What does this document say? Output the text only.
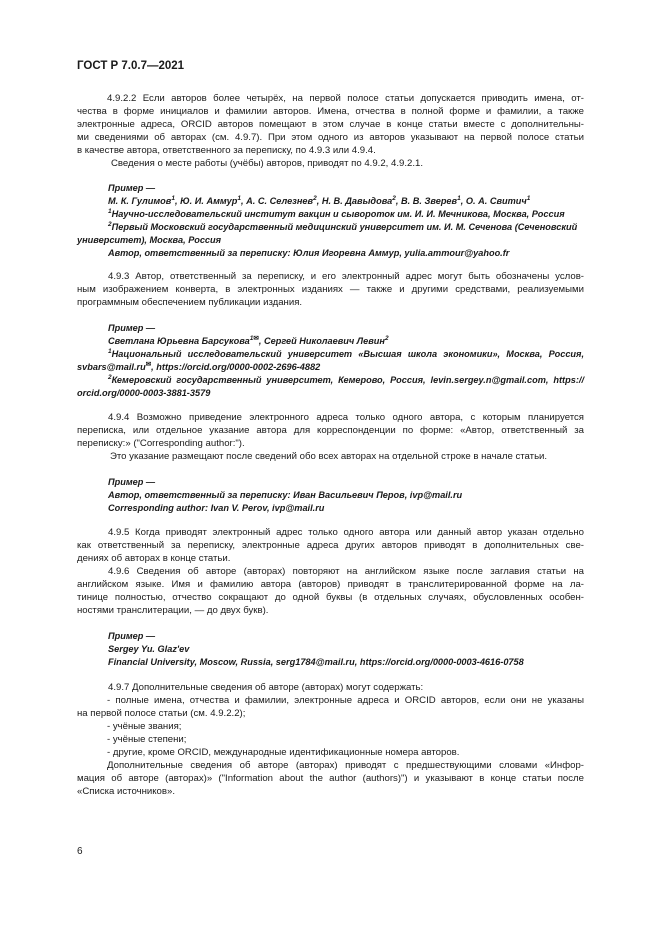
ГОСТ Р 7.0.7—2021
4.9.2.2 Если авторов более четырёх, на первой полосе статьи допускается приводить имена, от-
чества в форме инициалов и фамилии авторов. Имена, отчества в полной форме и фамилии, а также
электронные адреса, ORCID авторов помещают в этом случае в конце статьи вместе с дополнительны-
ми сведениями об авторах (см. 4.9.7). При этом одного из авторов указывают на первой полосе статьи
в качестве автора, ответственного за переписку, по 4.9.3 или 4.9.4.
Сведения о месте работы (учёбы) авторов, приводят по 4.9.2, 4.9.2.1.
Пример —
М. К. Гулимов$^1$, Ю. И. Аммур$^1$, А. С. Селезнев$^2$, Н. В. Давыдова$^2$, В. В. Зверев$^1$, О. А. Свитич$^1$
$^1$Научно-исследовательский институт вакцин и сывороток им. И. И. Мечникова, Москва, Россия
$^2$Первый Московский государственный медицинский университет им. И. М. Сеченова (Сеченовский
университет), Москва, Россия
Автор, ответственный за переписку: Юлия Игоревна Аммур, yulia.ammour@yahoo.fr
4.9.3 Автор, ответственный за переписку, и его электронный адрес могут быть обозначены услов-
ным изображением конверта, в электронных изданиях — также и другими средствами, реализуемыми
программным обеспечением публикации издания.
Пример —
Светлана Юрьевна Барсукова$^{1✉}$, Сергей Николаевич Левин$^2$
$^1$Национальный исследовательский университет «Высшая школа экономики», Москва, Россия,
svbars@mail.ru✉, https://orcid.org/0000-0002-2696-4882
$^2$Кемеровский государственный университет, Кемерово, Россия, levin.sergey.n@gmail.com, https://
orcid.org/0000-0003-3881-3579
4.9.4 Возможно приведение электронного адреса только одного автора, с которым планируется
переписка, или отдельное указание автора для корреспонденции по форме: «Автор, ответственный за
переписку:» ("Corresponding author:").
Это указание размещают после сведений обо всех авторах на отдельной строке в начале статьи.
Пример —
Автор, ответственный за переписку: Иван Васильевич Перов, ivp@mail.ru
Corresponding author: Ivan V. Perov, ivp@mail.ru
4.9.5 Когда приводят электронный адрес только одного автора или данный автор указан отдельно
как ответственный за переписку, электронные адреса других авторов приводят в дополнительных све-
дениях об авторах в конце статьи.
4.9.6 Сведения об авторе (авторах) повторяют на английском языке после заглавия статьи на
английском языке. Имя и фамилию автора (авторов) приводят в транслитерированной форме на ла-
тинице полностью, отчество сокращают до одной буквы (в отдельных случаях, обусловленных особен-
ностями транслитерации, — до двух букв).
Пример —
Sergey Yu. Glaz'ev
Financial University, Moscow, Russia, serg1784@mail.ru, https://orcid.org/0000-0003-4616-0758
4.9.7 Дополнительные сведения об авторе (авторах) могут содержать:
- полные имена, отчества и фамилии, электронные адреса и ORCID авторов, если они не указаны
на первой полосе статьи (см. 4.9.2.2);
- учёные звания;
- учёные степени;
- другие, кроме ORCID, международные идентификационные номера авторов.
Дополнительные сведения об авторе (авторах) приводят с предшествующими словами «Инфор-
мация об авторе (авторах)» ("Information about the author (authors)") и указывают в конце статьи после
«Списка источников».
6
